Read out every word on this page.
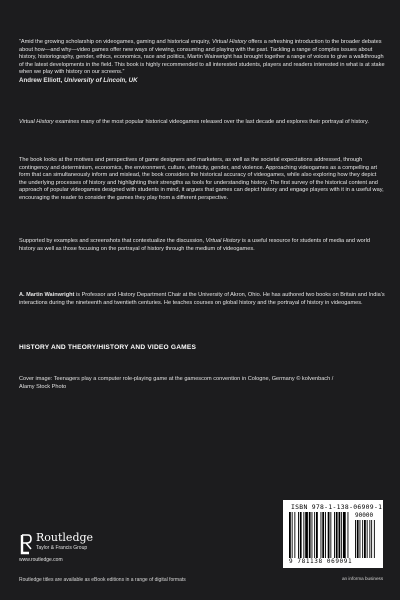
“Amid the growing scholarship on videogames, gaming and historical enquiry, Virtual History offers a refreshing introduction to the broader debates about how—and why—video games offer new ways of viewing, consuming and playing with the past. Tackling a range of complex issues about history, historiography, gender, ethics, economics, race and politics, Martin Wainwright has brought together a range of voices to give a walkthrough of the latest developments in the field. This book is highly recommended to all interested students, players and readers interested in what is at stake when we play with history on our screens.”

Andrew Elliott, University of Lincoln, UK

Virtual History examines many of the most popular historical videogames released over the last decade and explores their portrayal of history.

The book looks at the motives and perspectives of game designers and marketers, as well as the societal expectations addressed, through contingency and determinism, economics, the environment, culture, ethnicity, gender, and violence. Approaching videogames as a compelling art form that can simultaneously inform and mislead, the book considers the historical accuracy of videogames, while also exploring how they depict the underlying processes of history and highlighting their strengths as tools for understanding history. The first survey of the historical content and approach of popular videogames designed with students in mind, it argues that games can depict history and engage players with it in a useful way, encouraging the reader to consider the games they play from a different perspective.

Supported by examples and screenshots that contextualize the discussion, Virtual History is a useful resource for students of media and world history as well as those focusing on the portrayal of history through the medium of videogames.

A. Martin Wainwright is Professor and History Department Chair at the University of Akron, Ohio. He has authored two books on Britain and India’s interactions during the nineteenth and twentieth centuries. He teaches courses on global history and the portrayal of history in videogames.

HISTORY AND THEORY/HISTORY AND VIDEO GAMES
Cover image: Teenagers play a computer role-playing game at the gamescom convention in Cologne, Germany © kolvenbach / Alamy Stock Photo
Routledge
Taylor & Francis Group
www.routledge.com
Routledge titles are available as eBook editions in a range of digital formats
ISBN 978-1-138-06909-1
90000
9 781138 069091
an informa business
